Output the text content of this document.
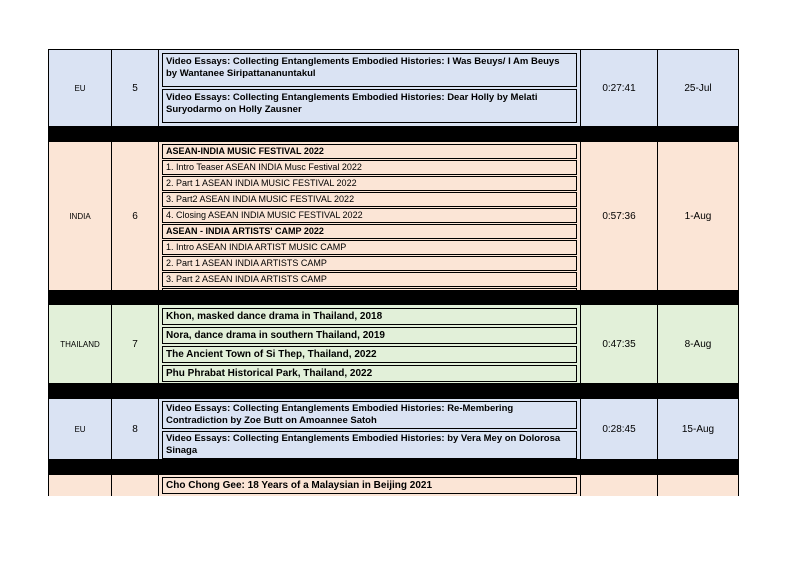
EU	5
Video Essays: Collecting Entanglements Embodied Histories: I Was Beuys/ I Am Beuys by Wantanee Siripattananuntakul
Video Essays: Collecting Entanglements Embodied Histories: Dear Holly by Melati Suryodarmo on Holly Zausner
0:27:41	25-Jul
INDIA	6
ASEAN-INDIA MUSIC FESTIVAL 2022
1. Intro Teaser ASEAN INDIA Musc Festival 2022
2. Part 1 ASEAN INDIA MUSIC FESTIVAL 2022
3. Part2 ASEAN INDIA MUSIC FESTIVAL 2022
4. Closing ASEAN INDIA MUSIC FESTIVAL 2022
ASEAN - INDIA ARTISTS' CAMP 2022
1. Intro ASEAN INDIA ARTIST MUSIC CAMP
2. Part 1 ASEAN INDIA ARTISTS CAMP
3. Part 2 ASEAN INDIA ARTISTS CAMP
0:57:36	1-Aug
THAILAND	7
Khon, masked dance drama in Thailand, 2018
Nora, dance drama in southern Thailand, 2019
The Ancient Town of Si Thep, Thailand, 2022
Phu Phrabat Historical Park, Thailand, 2022
0:47:35	8-Aug
EU	8
Video Essays: Collecting Entanglements Embodied Histories: Re-Membering Contradiction by Zoe Butt on Amoannee Satoh
Video Essays: Collecting Entanglements Embodied Histories: by Vera Mey on Dolorosa Sinaga
0:28:45	15-Aug
Cho Chong Gee: 18 Years of a Malaysian in Beijing 2021
